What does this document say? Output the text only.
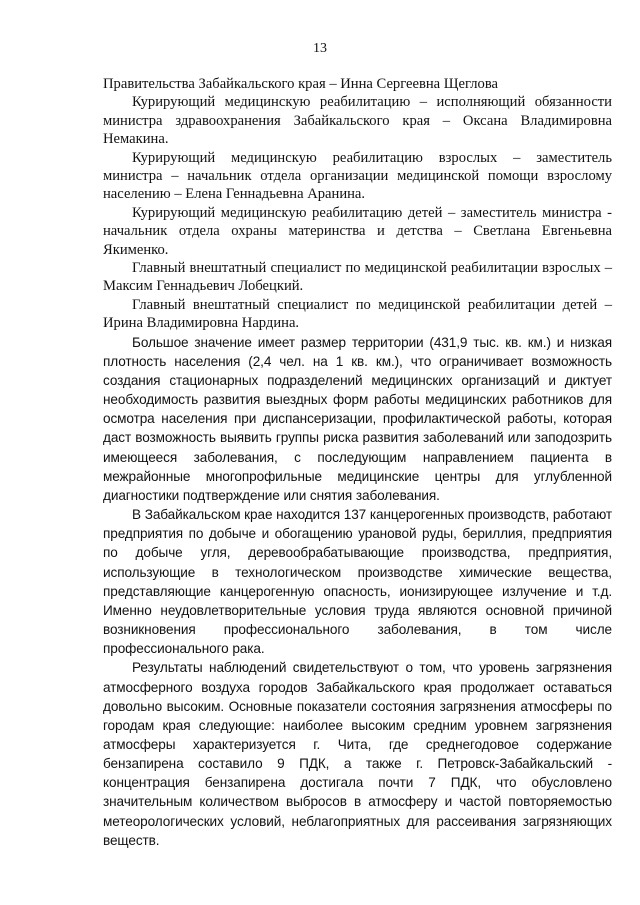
13

Правительства Забайкальского края – Инна Сергеевна Щеглова

Курирующий медицинскую реабилитацию – исполняющий обязанности министра здравоохранения Забайкальского края – Оксана Владимировна Немакина.

Курирующий медицинскую реабилитацию взрослых – заместитель министра – начальник отдела организации медицинской помощи взрослому населению – Елена Геннадьевна Аранина.

Курирующий медицинскую реабилитацию детей – заместитель министра - начальник отдела охраны материнства и детства – Светлана Евгеньевна Якименко.

Главный внештатный специалист по медицинской реабилитации взрослых – Максим Геннадьевич Лобецкий.

Главный внештатный специалист по медицинской реабилитации детей – Ирина Владимировна Нардина.

Большое значение имеет размер территории (431,9 тыс. кв. км.) и низкая плотность населения (2,4 чел. на 1 кв. км.), что ограничивает возможность создания стационарных подразделений медицинских организаций и диктует необходимость развития выездных форм работы медицинских работников для осмотра населения при диспансеризации, профилактической работы, которая даст возможность выявить группы риска развития заболеваний или заподозрить имеющееся заболевания, с последующим направлением пациента в межрайонные многопрофильные медицинские центры для углубленной диагностики подтверждение или снятия заболевания.

В Забайкальском крае находится 137 канцерогенных производств, работают предприятия по добыче и обогащению урановой руды, бериллия, предприятия по добыче угля, деревообрабатывающие производства, предприятия, использующие в технологическом производстве химические вещества, представляющие канцерогенную опасность, ионизирующее излучение и т.д. Именно неудовлетворительные условия труда являются основной причиной возникновения профессионального заболевания, в том числе профессионального рака.

Результаты наблюдений свидетельствуют о том, что уровень загрязнения атмосферного воздуха городов Забайкальского края продолжает оставаться довольно высоким. Основные показатели состояния загрязнения атмосферы по городам края следующие: наиболее высоким средним уровнем загрязнения атмосферы характеризуется г. Чита, где среднегодовое содержание бензапирена составило 9 ПДК, а также г. Петровск-Забайкальский - концентрация бензапирена достигала почти 7 ПДК, что обусловлено значительным количеством выбросов в атмосферу и частой повторяемостью метеорологических условий, неблагоприятных для рассеивания загрязняющих веществ.
